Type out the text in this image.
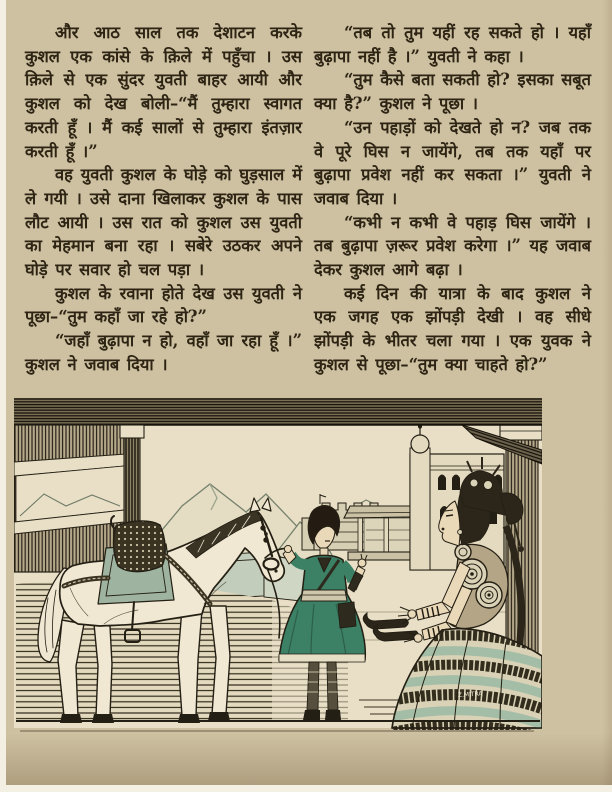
और आठ साल तक देशाटन करके कुशल एक कांसे के क़िले में पहुँचा । उस क़िले से एक सुंदर युवती बाहर आयी और कुशल को देख बोली–“मैं तुम्हारा स्वागत करती हूँ । मैं कई सालों से तुम्हारा इंतज़ार करती हूँ ।”

वह युवती कुशल के घोड़े को घुड़साल में ले गयी । उसे दाना खिलाकर कुशल के पास लौट आयी । उस रात को कुशल उस युवती का मेहमान बना रहा । सबेरे उठकर अपने घोड़े पर सवार हो चल पड़ा ।

कुशल के रवाना होते देख उस युवती ने पूछा–“तुम कहाँ जा रहे हो?”

“जहाँ बुढ़ापा न हो, वहाँ जा रहा हूँ ।” कुशल ने जवाब दिया ।

“तब तो तुम यहीं रह सकते हो । यहाँ बुढ़ापा नहीं है ।” युवती ने कहा ।

“तुम कैसे बता सकती हो? इसका सबूत क्या है?” कुशल ने पूछा ।

“उन पहाड़ों को देखते हो न? जब तक वे पूरे घिस न जायेंगे, तब तक यहाँ पर बुढ़ापा प्रवेश नहीं कर सकता ।” युवती ने जवाब दिया ।

“कभी न कभी वे पहाड़ घिस जायेंगे । तब बुढ़ापा ज़रूर प्रवेश करेगा ।” यह जवाब देकर कुशल आगे बढ़ा ।

कई दिन की यात्रा के बाद कुशल ने एक जगह एक झोंपड़ी देखी । वह सीधे झोंपड़ी के भीतर चला गया । एक युवक ने कुशल से पूछा–“तुम क्या चाहते हो?”

Z.MITRA
